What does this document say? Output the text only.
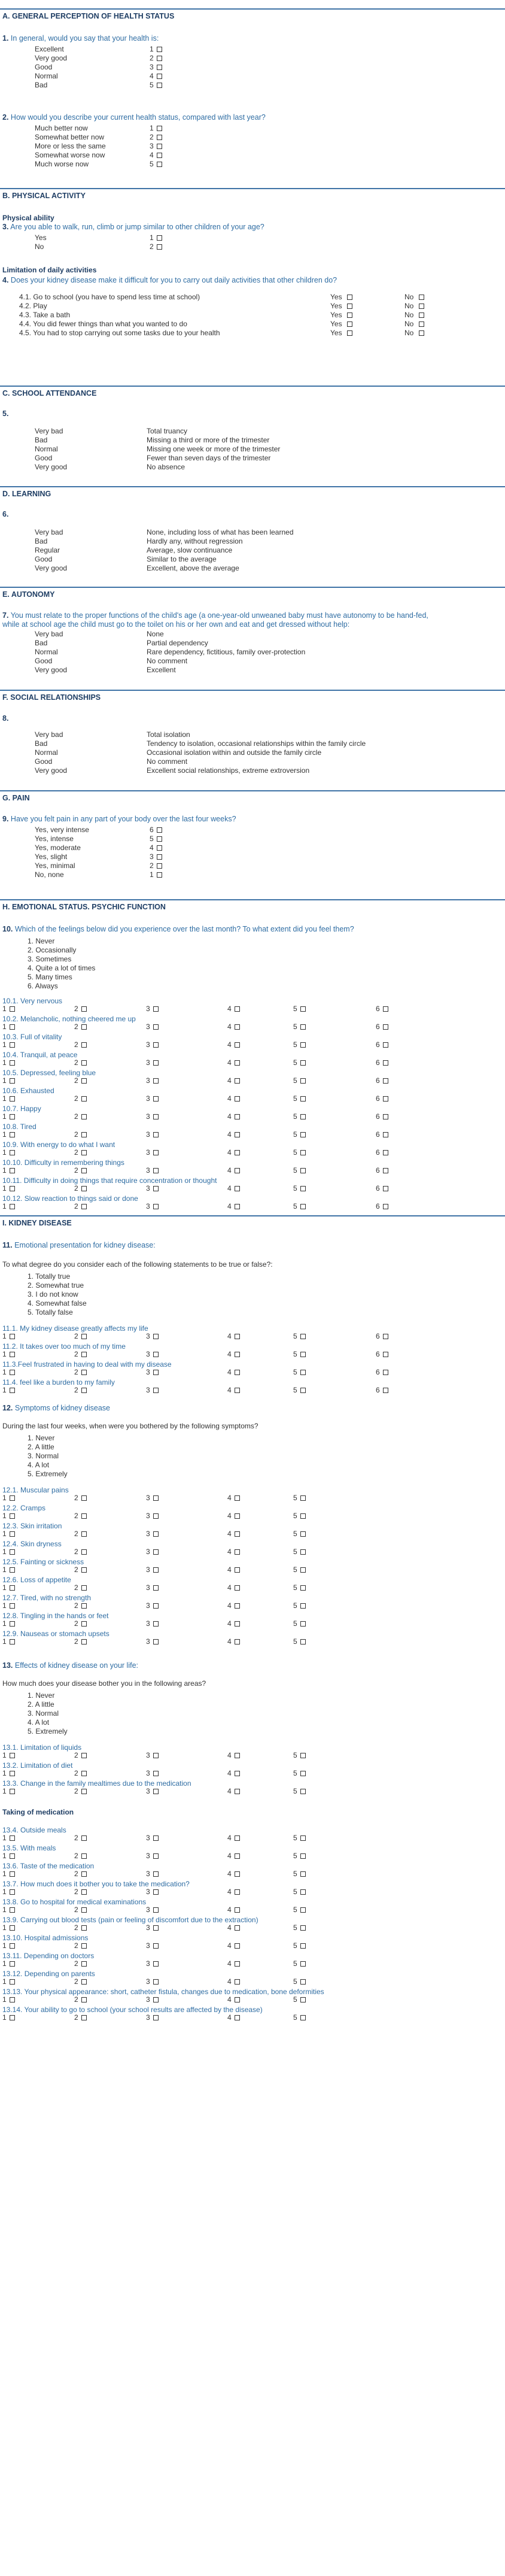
A. GENERAL PERCEPTION OF HEALTH STATUS
1. In general, would you say that your health is:
Excellent	1
Very good	2
Good	3
Normal	4
Bad	5
2. How would you describe your current health status, compared with last year?
Much better now	1
Somewhat better now	2
More or less the same	3
Somewhat worse now	4
Much worse now	5
B. PHYSICAL ACTIVITY
Physical ability
3. Are you able to walk, run, climb or jump similar to other children of your age?
Yes	1
No	2
Limitation of daily activities
4. Does your kidney disease make it difficult for you to carry out daily activities that other children do?
4.1. Go to school (you have to spend less time at school)	Yes	No
4.2. Play	Yes	No
4.3. Take a bath	Yes	No
4.4. You did fewer things than what you wanted to do	Yes	No
4.5. You had to stop carrying out some tasks due to your health	Yes	No
C. SCHOOL ATTENDANCE
5.
Very bad	Total truancy
Bad	Missing a third or more of the trimester
Normal	Missing one week or more of the trimester
Good	Fewer than seven days of the trimester
Very good	No absence
D. LEARNING
6.
Very bad	None, including loss of what has been learned
Bad	Hardly any, without regression
Regular	Average, slow continuance
Good	Similar to the average
Very good	Excellent, above the average
E. AUTONOMY
7. You must relate to the proper functions of the child's age (a one-year-old unweaned baby must have autonomy to be hand-fed,
while at school age the child must go to the toilet on his or her own and eat and get dressed without help:
Very bad	None
Bad	Partial dependency
Normal	Rare dependency, fictitious, family over-protection
Good	No comment
Very good	Excellent
F. SOCIAL RELATIONSHIPS
8.
Very bad	Total isolation
Bad	Tendency to isolation, occasional relationships within the family circle
Normal	Occasional isolation within and outside the family circle
Good	No comment
Very good	Excellent social relationships, extreme extroversion
G. PAIN
9. Have you felt pain in any part of your body over the last four weeks?
Yes, very intense	6
Yes, intense	5
Yes, moderate	4
Yes, slight	3
Yes, minimal	2
No, none	1
H. EMOTIONAL STATUS. PSYCHIC FUNCTION
10. Which of the feelings below did you experience over the last month? To what extent did you feel them?
1. Never
2. Occasionally
3. Sometimes
4. Quite a lot of times
5. Many times
6. Always
10.1. Very nervous
1	2	3	4	5	6
10.2. Melancholic, nothing cheered me up
1	2	3	4	5	6
10.3. Full of vitality
1	2	3	4	5	6
10.4. Tranquil, at peace
1	2	3	4	5	6
10.5. Depressed, feeling blue
1	2	3	4	5	6
10.6. Exhausted
1	2	3	4	5	6
10.7. Happy
1	2	3	4	5	6
10.8. Tired
1	2	3	4	5	6
10.9. With energy to do what I want
1	2	3	4	5	6
10.10. Difficulty in remembering things
1	2	3	4	5	6
10.11. Difficulty in doing things that require concentration or thought
1	2	3	4	5	6
10.12. Slow reaction to things said or done
1	2	3	4	5	6
I. KIDNEY DISEASE
11. Emotional presentation for kidney disease:
To what degree do you consider each of the following statements to be true or false?:
1. Totally true
2. Somewhat true
3. I do not know
4. Somewhat false
5. Totally false
11.1. My kidney disease greatly affects my life
1	2	3	4	5	6
11.2. It takes over too much of my time
1	2	3	4	5	6
11.3.Feel frustrated in having to deal with my disease
1	2	3	4	5	6
11.4. feel like a burden to my family
1	2	3	4	5	6
12. Symptoms of kidney disease
During the last four weeks, when were you bothered by the following symptoms?
1. Never
2. A little
3. Normal
4. A lot
5. Extremely
12.1. Muscular pains
1	2	3	4	5
12.2. Cramps
1	2	3	4	5
12.3. Skin irritation
1	2	3	4	5
12.4. Skin dryness
1	2	3	4	5
12.5. Fainting or sickness
1	2	3	4	5
12.6. Loss of appetite
1	2	3	4	5
12.7. Tired, with no strength
1	2	3	4	5
12.8. Tingling in the hands or feet
1	2	3	4	5
12.9. Nauseas or stomach upsets
1	2	3	4	5
13. Effects of kidney disease on your life:
How much does your disease bother you in the following areas?
1. Never
2. A little
3. Normal
4. A lot
5. Extremely
13.1. Limitation of liquids
1	2	3	4	5
13.2. Limitation of diet
1	2	3	4	5
13.3. Change in the family mealtimes due to the medication
1	2	3	4	5
Taking of medication
13.4. Outside meals
1	2	3	4	5
13.5. With meals
1	2	3	4	5
13.6. Taste of the medication
1	2	3	4	5
13.7. How much does it bother you to take the medication?
1	2	3	4	5
13.8. Go to hospital for medical examinations
1	2	3	4	5
13.9. Carrying out blood tests (pain or feeling of discomfort due to the extraction)
1	2	3	4	5
13.10. Hospital admissions
1	2	3	4	5
13.11. Depending on doctors
1	2	3	4	5
13.12. Depending on parents
1	2	3	4	5
13.13. Your physical appearance: short, catheter fistula, changes due to medication, bone deformities
1	2	3	4	5
13.14. Your ability to go to school (your school results are affected by the disease)
1	2	3	4	5
